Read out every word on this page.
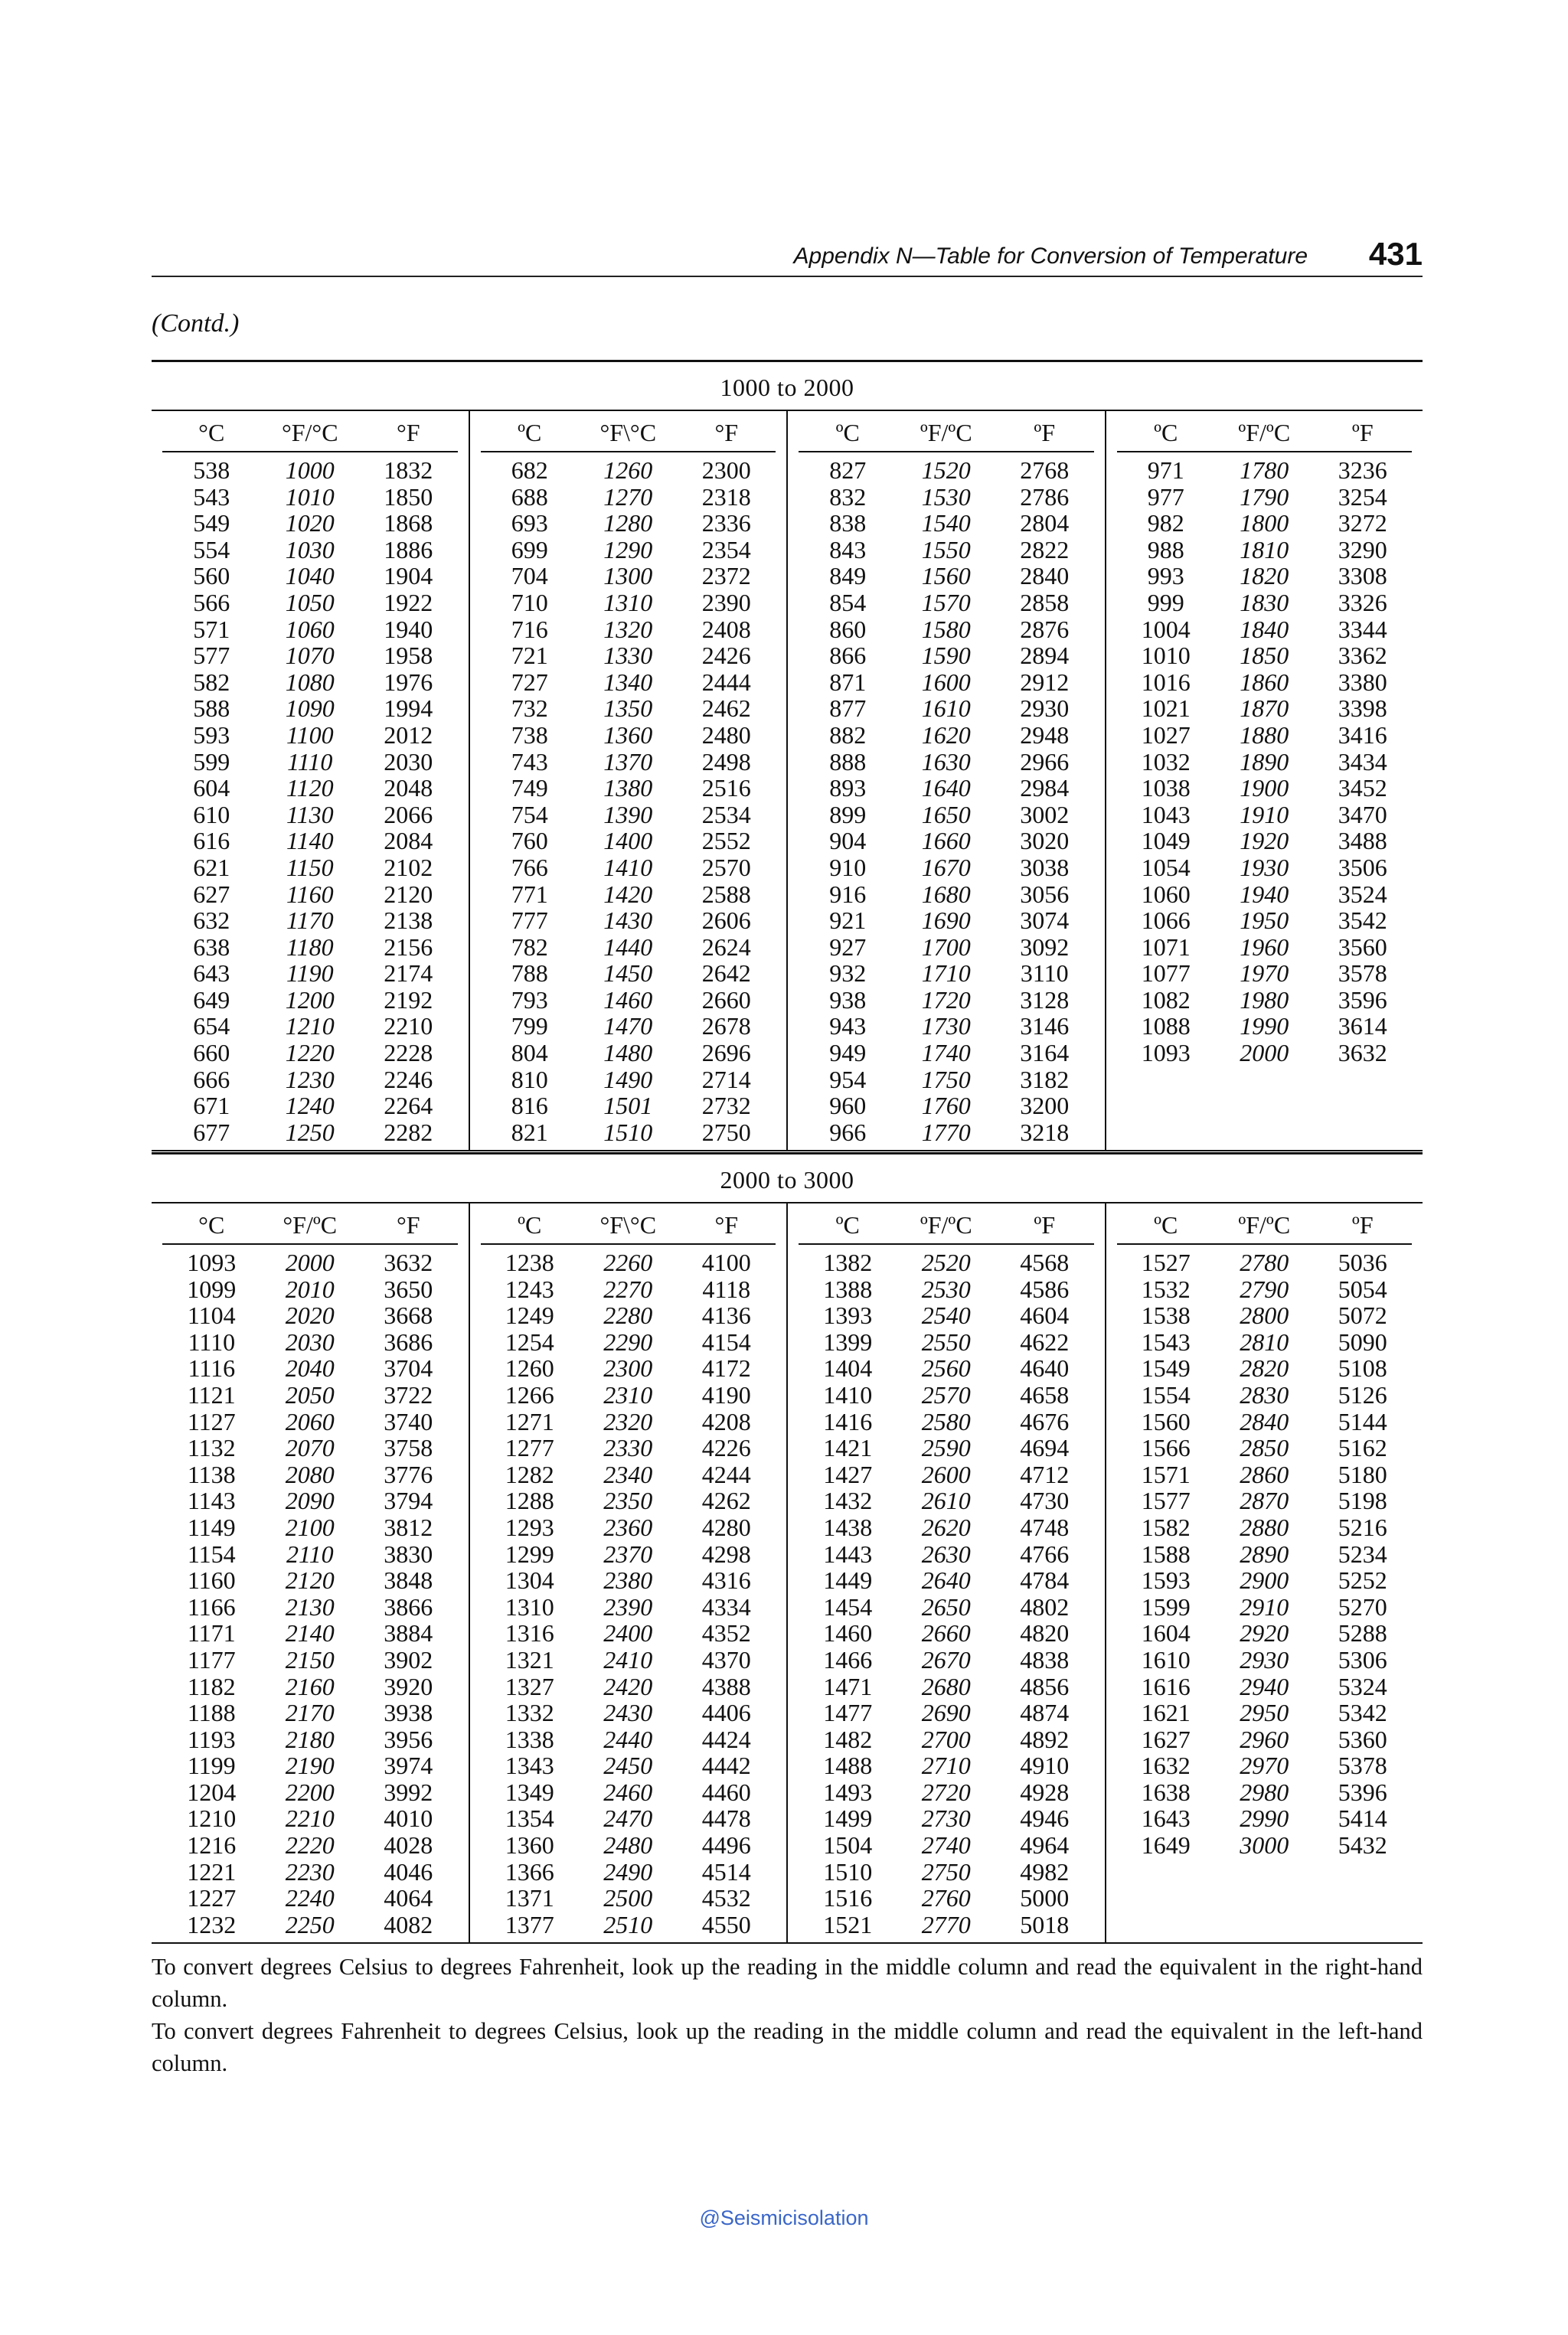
Appendix N—Table for Conversion of Temperature 431
(Contd.)
1000 to 2000
°C	°F/°C	°F
538	1000	1832
543	1010	1850
549	1020	1868
554	1030	1886
560	1040	1904
566	1050	1922
571	1060	1940
577	1070	1958
582	1080	1976
588	1090	1994
593	1100	2012
599	1110	2030
604	1120	2048
610	1130	2066
616	1140	2084
621	1150	2102
627	1160	2120
632	1170	2138
638	1180	2156
643	1190	2174
649	1200	2192
654	1210	2210
660	1220	2228
666	1230	2246
671	1240	2264
677	1250	2282
ºC	°F\°C	°F
682	1260	2300
688	1270	2318
693	1280	2336
699	1290	2354
704	1300	2372
710	1310	2390
716	1320	2408
721	1330	2426
727	1340	2444
732	1350	2462
738	1360	2480
743	1370	2498
749	1380	2516
754	1390	2534
760	1400	2552
766	1410	2570
771	1420	2588
777	1430	2606
782	1440	2624
788	1450	2642
793	1460	2660
799	1470	2678
804	1480	2696
810	1490	2714
816	1501	2732
821	1510	2750
ºC	ºF/ºC	ºF
827	1520	2768
832	1530	2786
838	1540	2804
843	1550	2822
849	1560	2840
854	1570	2858
860	1580	2876
866	1590	2894
871	1600	2912
877	1610	2930
882	1620	2948
888	1630	2966
893	1640	2984
899	1650	3002
904	1660	3020
910	1670	3038
916	1680	3056
921	1690	3074
927	1700	3092
932	1710	3110
938	1720	3128
943	1730	3146
949	1740	3164
954	1750	3182
960	1760	3200
966	1770	3218
ºC	ºF/ºC	ºF
971	1780	3236
977	1790	3254
982	1800	3272
988	1810	3290
993	1820	3308
999	1830	3326
1004	1840	3344
1010	1850	3362
1016	1860	3380
1021	1870	3398
1027	1880	3416
1032	1890	3434
1038	1900	3452
1043	1910	3470
1049	1920	3488
1054	1930	3506
1060	1940	3524
1066	1950	3542
1071	1960	3560
1077	1970	3578
1082	1980	3596
1088	1990	3614
1093	2000	3632
2000 to 3000
°C	°F/ºC	°F
1093	2000	3632
1099	2010	3650
1104	2020	3668
1110	2030	3686
1116	2040	3704
1121	2050	3722
1127	2060	3740
1132	2070	3758
1138	2080	3776
1143	2090	3794
1149	2100	3812
1154	2110	3830
1160	2120	3848
1166	2130	3866
1171	2140	3884
1177	2150	3902
1182	2160	3920
1188	2170	3938
1193	2180	3956
1199	2190	3974
1204	2200	3992
1210	2210	4010
1216	2220	4028
1221	2230	4046
1227	2240	4064
1232	2250	4082
ºC	°F\°C	°F
1238	2260	4100
1243	2270	4118
1249	2280	4136
1254	2290	4154
1260	2300	4172
1266	2310	4190
1271	2320	4208
1277	2330	4226
1282	2340	4244
1288	2350	4262
1293	2360	4280
1299	2370	4298
1304	2380	4316
1310	2390	4334
1316	2400	4352
1321	2410	4370
1327	2420	4388
1332	2430	4406
1338	2440	4424
1343	2450	4442
1349	2460	4460
1354	2470	4478
1360	2480	4496
1366	2490	4514
1371	2500	4532
1377	2510	4550
ºC	ºF/ºC	ºF
1382	2520	4568
1388	2530	4586
1393	2540	4604
1399	2550	4622
1404	2560	4640
1410	2570	4658
1416	2580	4676
1421	2590	4694
1427	2600	4712
1432	2610	4730
1438	2620	4748
1443	2630	4766
1449	2640	4784
1454	2650	4802
1460	2660	4820
1466	2670	4838
1471	2680	4856
1477	2690	4874
1482	2700	4892
1488	2710	4910
1493	2720	4928
1499	2730	4946
1504	2740	4964
1510	2750	4982
1516	2760	5000
1521	2770	5018
ºC	ºF/ºC	ºF
1527	2780	5036
1532	2790	5054
1538	2800	5072
1543	2810	5090
1549	2820	5108
1554	2830	5126
1560	2840	5144
1566	2850	5162
1571	2860	5180
1577	2870	5198
1582	2880	5216
1588	2890	5234
1593	2900	5252
1599	2910	5270
1604	2920	5288
1610	2930	5306
1616	2940	5324
1621	2950	5342
1627	2960	5360
1632	2970	5378
1638	2980	5396
1643	2990	5414
1649	3000	5432

To convert degrees Celsius to degrees Fahrenheit, look up the reading in the middle column and read the equivalent in the right-hand column.

To convert degrees Fahrenheit to degrees Celsius, look up the reading in the middle column and read the equivalent in the left-hand column.

@Seismicisolation
